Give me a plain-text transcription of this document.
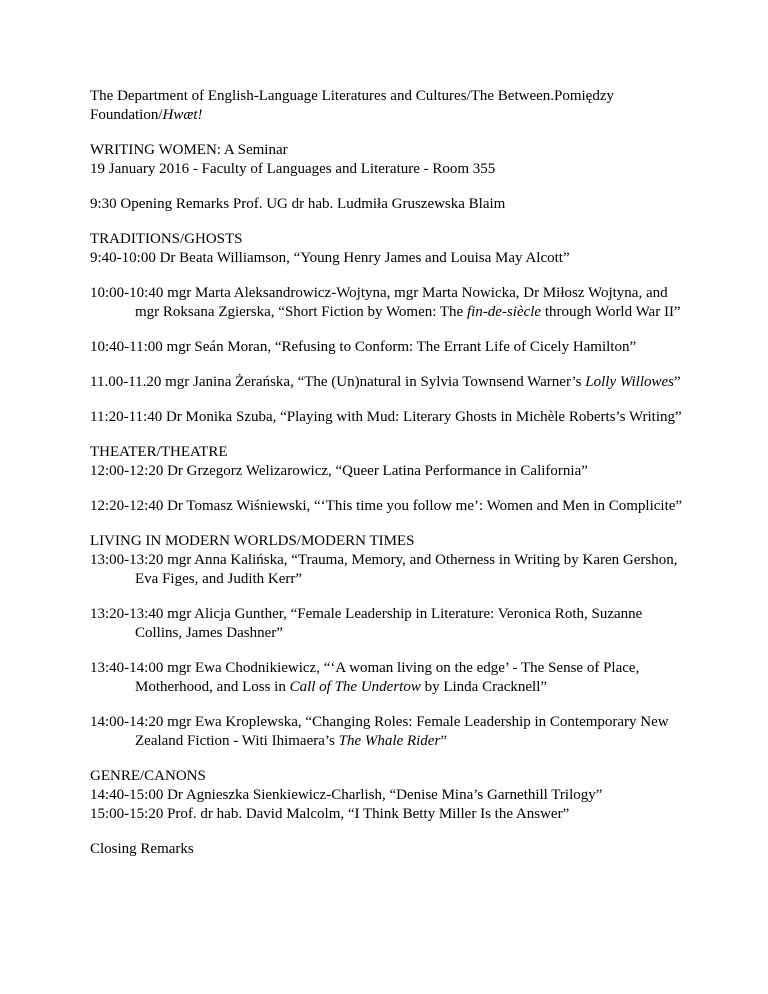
The Department of English-Language Literatures and Cultures/The Between.Pomiędzy
Foundation/Hwæt!
WRITING WOMEN: A Seminar
19 January 2016 - Faculty of Languages and Literature - Room 355
9:30 Opening Remarks Prof. UG dr hab. Ludmiła Gruszewska Blaim
TRADITIONS/GHOSTS
9:40-10:00 Dr Beata Williamson, “Young Henry James and Louisa May Alcott”
10:00-10:40 mgr Marta Aleksandrowicz-Wojtyna, mgr Marta Nowicka, Dr Miłosz Wojtyna, and mgr Roksana Zgierska, “Short Fiction by Women: The fin-de-siècle through World War II”
10:40-11:00 mgr Seán Moran, “Refusing to Conform: The Errant Life of Cicely Hamilton”
11.00-11.20 mgr Janina Żerańska, “The (Un)natural in Sylvia Townsend Warner’s Lolly Willowes”
11:20-11:40 Dr Monika Szuba, “Playing with Mud: Literary Ghosts in Michèle Roberts’s Writing”
THEATER/THEATRE
12:00-12:20 Dr Grzegorz Welizarowicz, “Queer Latina Performance in California”
12:20-12:40 Dr Tomasz Wiśniewski, “‘This time you follow me’: Women and Men in Complicite”
LIVING IN MODERN WORLDS/MODERN TIMES
13:00-13:20 mgr Anna Kalińska, “Trauma, Memory, and Otherness in Writing by Karen Gershon, Eva Figes, and Judith Kerr”
13:20-13:40 mgr Alicja Gunther, “Female Leadership in Literature: Veronica Roth, Suzanne Collins, James Dashner”
13:40-14:00 mgr Ewa Chodnikiewicz, “‘A woman living on the edge’ - The Sense of Place, Motherhood, and Loss in Call of The Undertow by Linda Cracknell”
14:00-14:20 mgr Ewa Kroplewska, “Changing Roles: Female Leadership in Contemporary New Zealand Fiction - Witi Ihimaera’s The Whale Rider”
GENRE/CANONS
14:40-15:00 Dr Agnieszka Sienkiewicz-Charlish, “Denise Mina’s Garnethill Trilogy”
15:00-15:20 Prof. dr hab. David Malcolm, “I Think Betty Miller Is the Answer”
Closing Remarks
